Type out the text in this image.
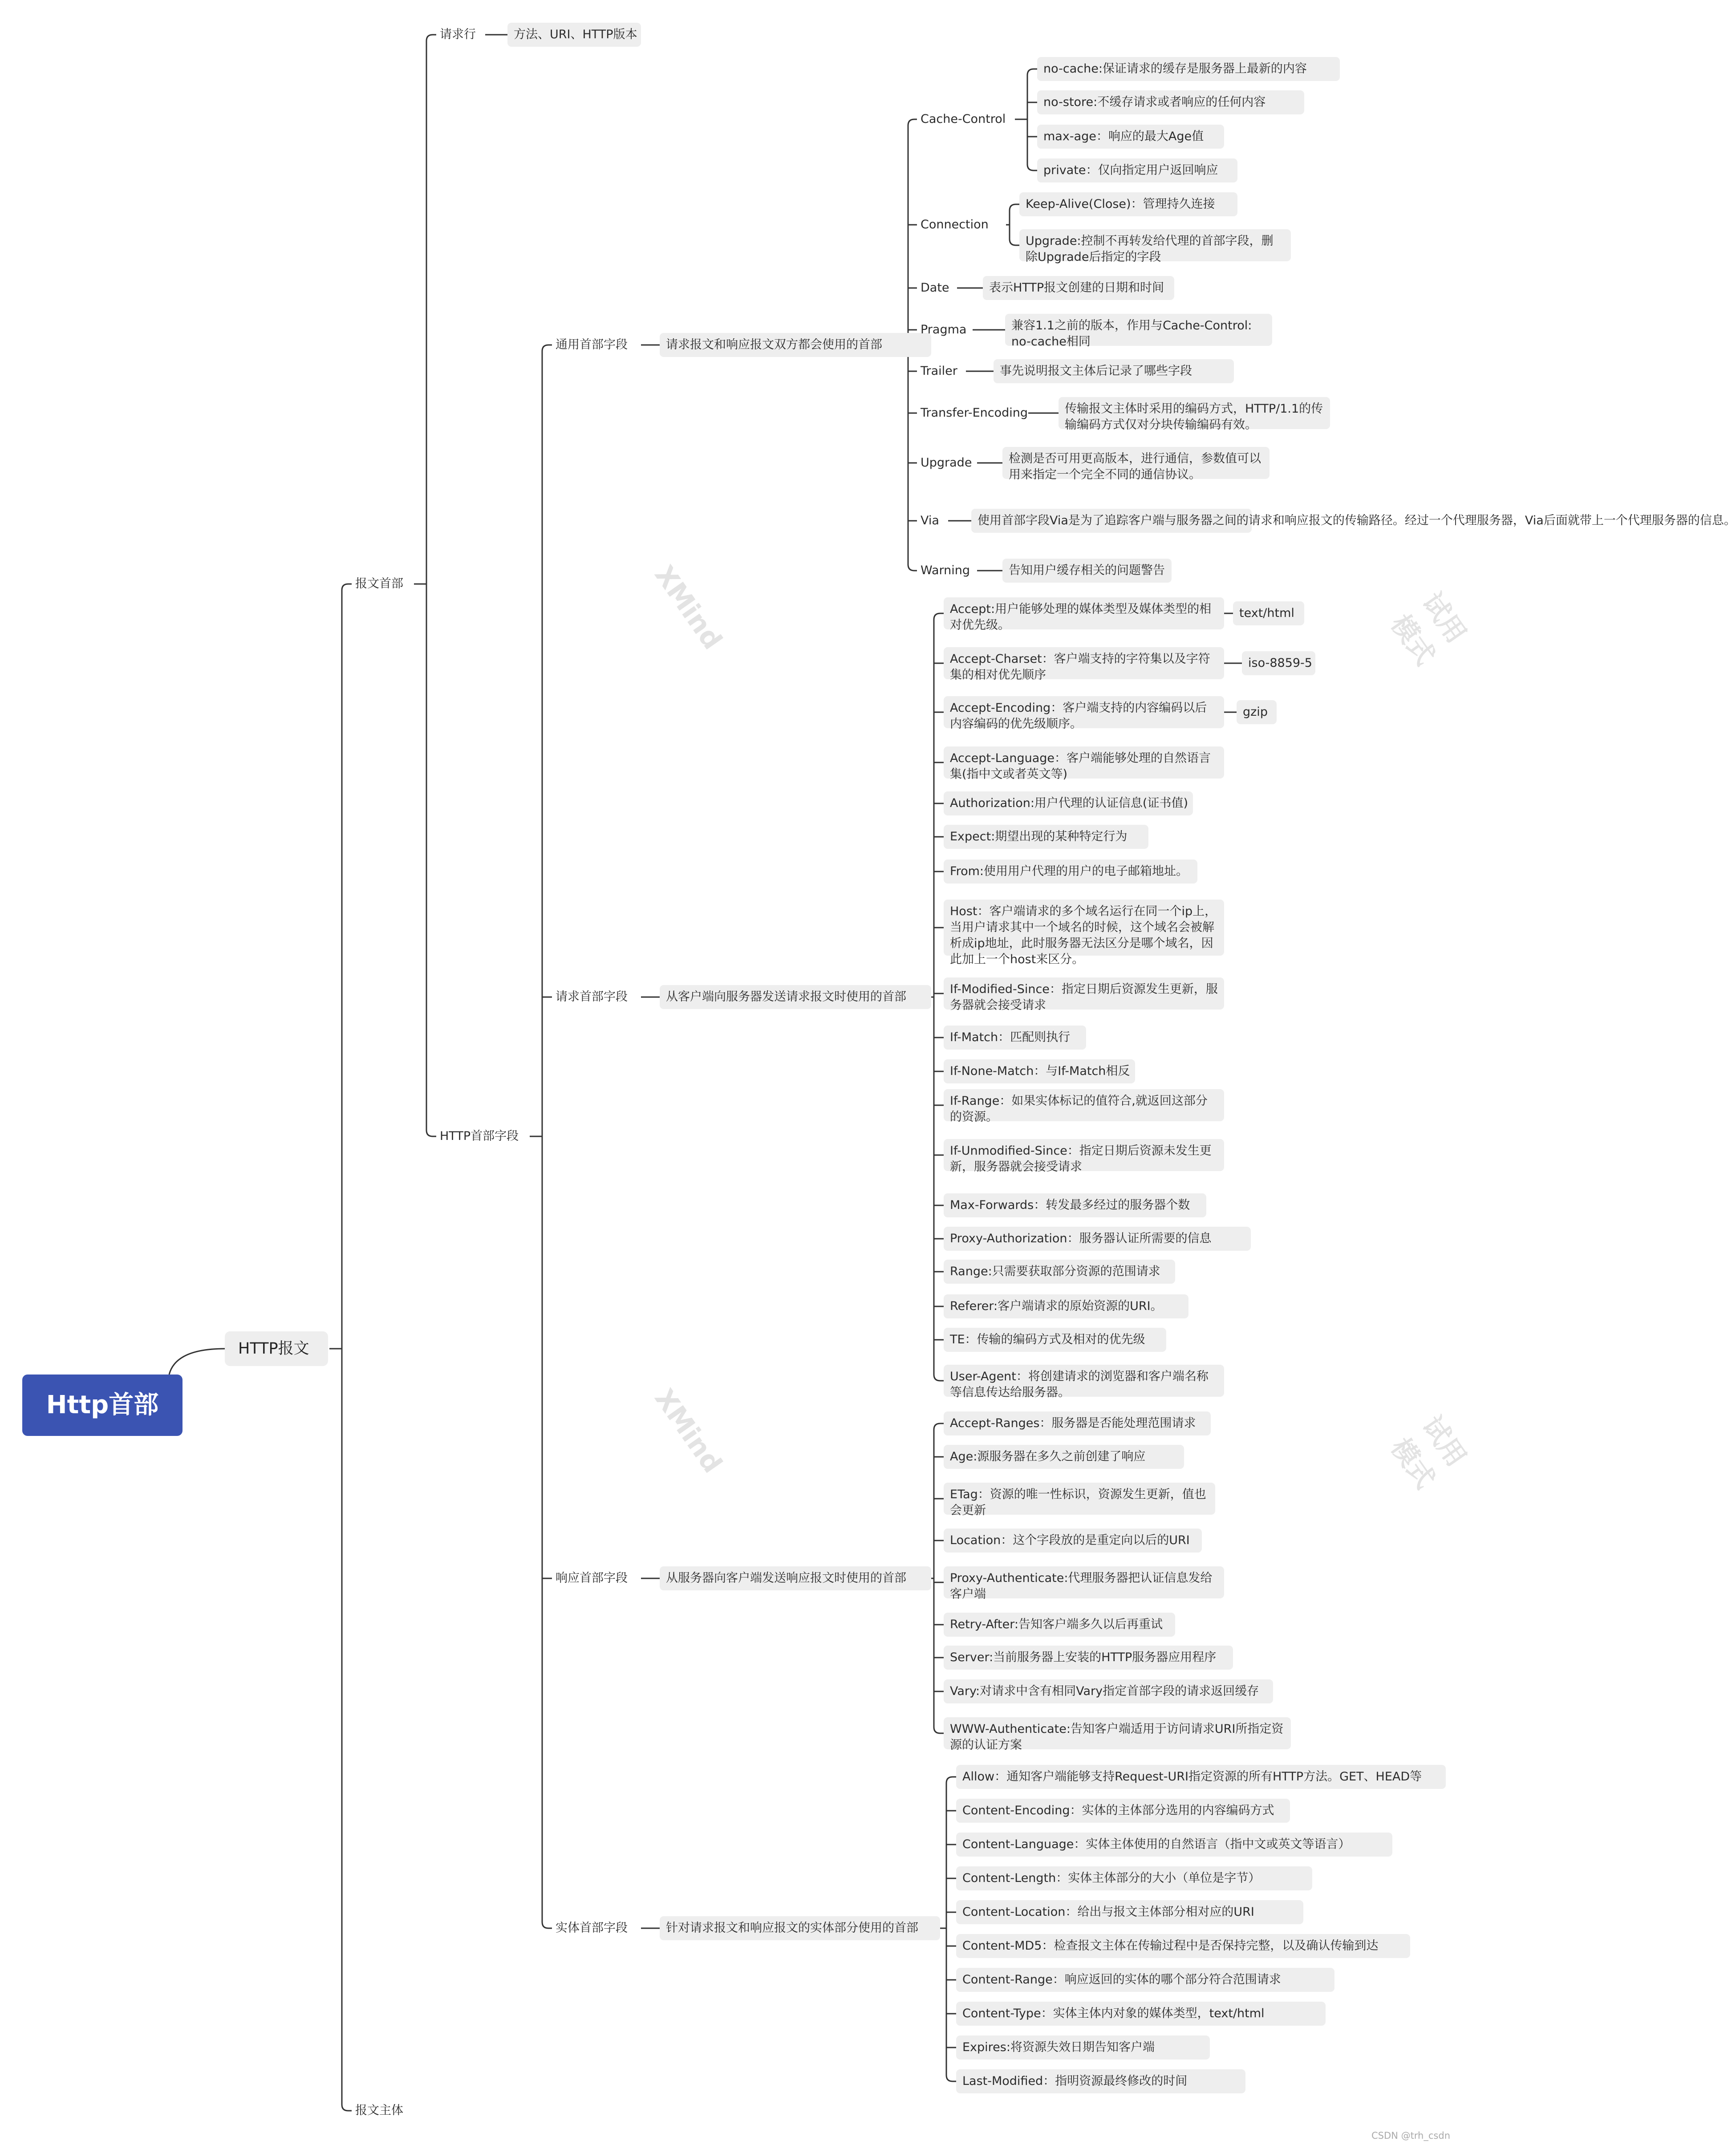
XMind
XMind
试用模式
试用模式
CSDN @trh_csdn
Http首部
HTTP报文
报文首部
报文主体
请求行
HTTP首部字段
方法、URI、HTTP版本
通用首部字段	请求报文和响应报文双方都会使用的首部
请求首部字段	从客户端向服务器发送请求报文时使用的首部
响应首部字段	从服务器向客户端发送响应报文时使用的首部
实体首部字段	针对请求报文和响应报文的实体部分使用的首部
Cache-Control
Connection
Date
Pragma
Trailer
Transfer-Encoding
Upgrade
Via
Warning
no-cache:保证请求的缓存是服务器上最新的内容
no-store:不缓存请求或者响应的任何内容
max-age：响应的最大Age值
private：仅向指定用户返回响应
Keep-Alive(Close)：管理持久连接
Upgrade:控制不再转发给代理的首部字段，删除Upgrade后指定的字段
表示HTTP报文创建的日期和时间
兼容1.1之前的版本，作用与Cache-Control: no-cache相同
事先说明报文主体后记录了哪些字段
传输报文主体时采用的编码方式，HTTP/1.1的传输编码方式仅对分块传输编码有效。
检测是否可用更高版本，进行通信，参数值可以用来指定一个完全不同的通信协议。
使用首部字段Via是为了追踪客户端与服务器之间的请求和响应报文的传输路径。经过一个代理服务器，Via后面就带上一个代理服务器的信息。
告知用户缓存相关的问题警告
Accept:用户能够处理的媒体类型及媒体类型的相对优先级。
Accept-Charset：客户端支持的字符集以及字符集的相对优先顺序
Accept-Encoding：客户端支持的内容编码以后内容编码的优先级顺序。
Accept-Language：客户端能够处理的自然语言集(指中文或者英文等)
Authorization:用户代理的认证信息(证书值)
Expect:期望出现的某种特定行为
From:使用用户代理的用户的电子邮箱地址。
Host：客户端请求的多个域名运行在同一个ip上，当用户请求其中一个域名的时候，这个域名会被解析成ip地址，此时服务器无法区分是哪个域名，因此加上一个host来区分。
If-Modified-Since：指定日期后资源发生更新，服务器就会接受请求
If-Match：匹配则执行
If-None-Match：与If-Match相反
If-Range：如果实体标记的值符合,就返回这部分的资源。
If-Unmodified-Since：指定日期后资源未发生更新，服务器就会接受请求
Max-Forwards：转发最多经过的服务器个数
Proxy-Authorization：服务器认证所需要的信息
Range:只需要获取部分资源的范围请求
Referer:客户端请求的原始资源的URI。
TE：传输的编码方式及相对的优先级
User-Agent：将创建请求的浏览器和客户端名称等信息传达给服务器。
text/html
iso-8859-5
gzip
Accept-Ranges：服务器是否能处理范围请求
Age:源服务器在多久之前创建了响应
ETag：资源的唯一性标识，资源发生更新，值也会更新
Location：这个字段放的是重定向以后的URI
Proxy-Authenticate:代理服务器把认证信息发给客户端
Retry-After:告知客户端多久以后再重试
Server:当前服务器上安装的HTTP服务器应用程序
Vary:对请求中含有相同Vary指定首部字段的请求返回缓存
WWW-Authenticate:告知客户端适用于访问请求URI所指定资源的认证方案
Allow：通知客户端能够支持Request-URI指定资源的所有HTTP方法。GET、HEAD等
Content-Encoding：实体的主体部分选用的内容编码方式
Content-Language：实体主体使用的自然语言（指中文或英文等语言）
Content-Length：实体主体部分的大小（单位是字节）
Content-Location：给出与报文主体部分相对应的URI
Content-MD5：检查报文主体在传输过程中是否保持完整，以及确认传输到达
Content-Range：响应返回的实体的哪个部分符合范围请求
Content-Type：实体主体内对象的媒体类型，text/html
Expires:将资源失效日期告知客户端
Last-Modified：指明资源最终修改的时间
